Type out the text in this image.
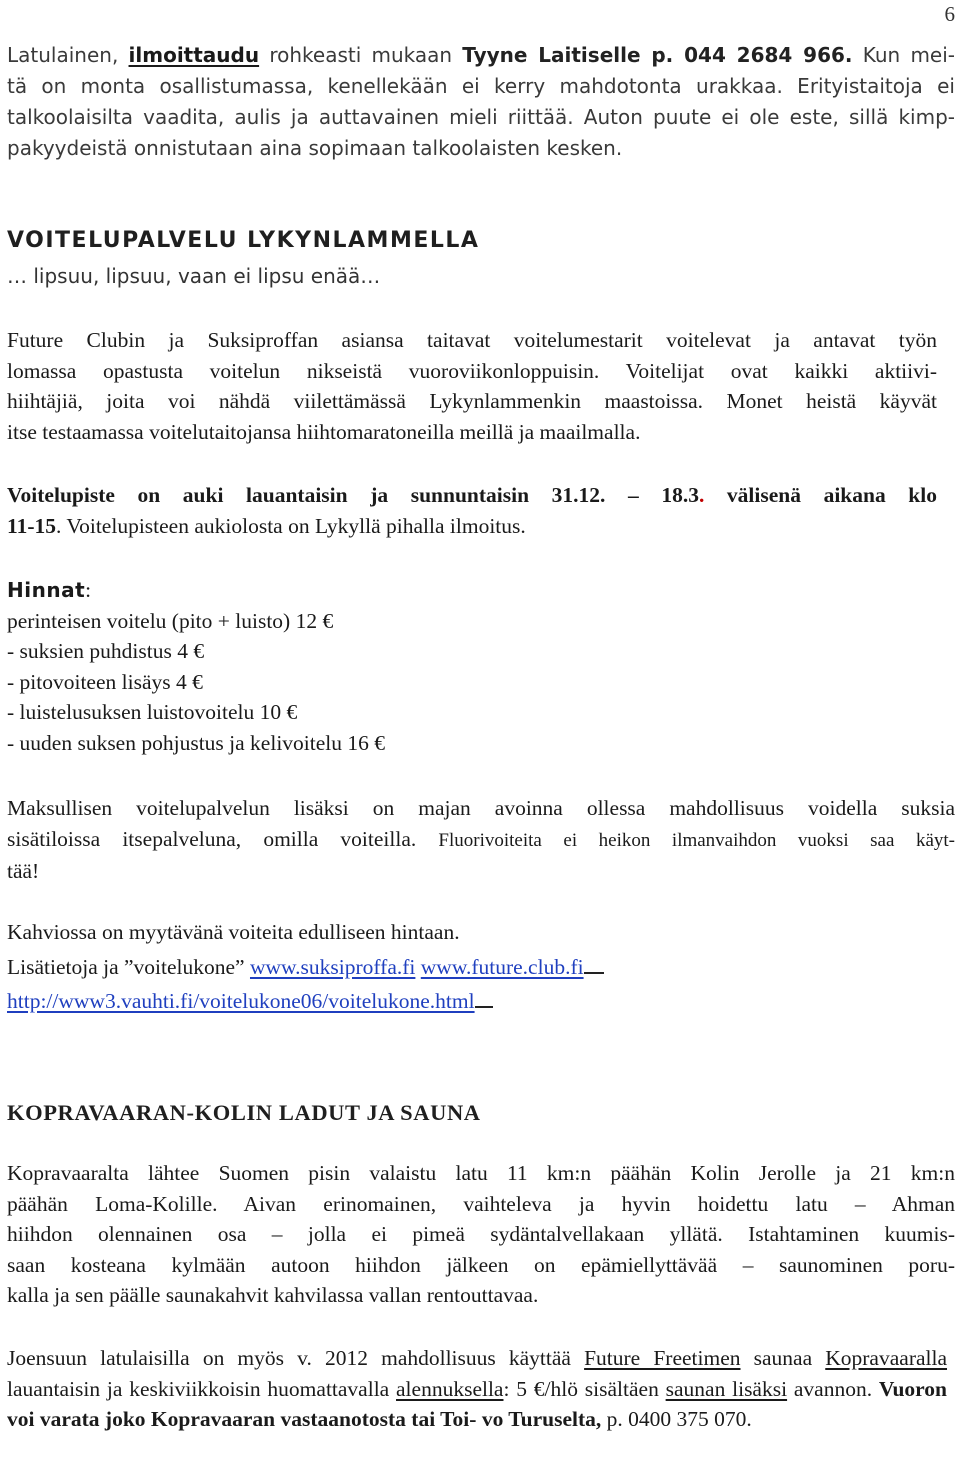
6

Latulainen, ilmoittaudu rohkeasti mukaan Tyyne Laitiselle p. 044 2684 966. Kun mei-

tä on monta osallistumassa, kenellekään ei kerry mahdotonta urakkaa. Erityistaitoja ei

talkoolaisilta vaadita, aulis ja auttavainen mieli riittää. Auton puute ei ole este, sillä kimp-

pakyydeistä onnistutaan aina sopimaan talkoolaisten kesken.

VOITELUPALVELU LYKYNLAMMELLA
… lipsuu, lipsuu, vaan ei lipsu enää…

Future Clubin ja Suksiproffan asiansa taitavat voitelumestarit voitelevat ja antavat työn

lomassa opastusta voitelun nikseistä vuoroviikonloppuisin. Voitelijat ovat kaikki aktiivi-

hiihtäjiä, joita voi nähdä viilettämässä Lykynlammenkin maastoissa. Monet heistä käyvät

itse testaamassa voitelutaitojansa hiihtomaratoneilla meillä ja maailmalla.

Voitelupiste on auki lauantaisin ja sunnuntaisin 31.12. – 18.3. välisenä aikana klo

11-15. Voitelupisteen aukiolosta on Lykyllä pihalla ilmoitus.

Hinnat:

perinteisen voitelu (pito + luisto) 12 €

- suksien puhdistus 4 €

- pitovoiteen lisäys 4 €

- luistelusuksen luistovoitelu 10 €

- uuden suksen pohjustus ja kelivoitelu 16 €

Maksullisen voitelupalvelun lisäksi on majan avoinna ollessa mahdollisuus voidella suksia

sisätiloissa itsepalveluna, omilla voiteilla. Fluorivoiteita ei heikon ilmanvaihdon vuoksi saa käyt-

tää!

Kahviossa on myytävänä voiteita edulliseen hintaan.

Lisätietoja ja ”voitelukone” www.suksiproffa.fi www.future.club.fi

http://www3.vauhti.fi/voitelukone06/voitelukone.html

KOPRAVAARAN-KOLIN LADUT JA SAUNA

Kopravaaralta lähtee Suomen pisin valaistu latu 11 km:n päähän Kolin Jerolle ja 21 km:n

päähän Loma-Kolille. Aivan erinomainen, vaihteleva ja hyvin hoidettu latu – Ahman

hiihdon olennainen osa – jolla ei pimeä sydäntalvellakaan yllätä. Istahtaminen kuumis-

saan kosteana kylmään autoon hiihdon jälkeen on epämiellyttävää – saunominen poru-

kalla ja sen päälle saunakahvit kahvilassa vallan rentouttavaa.

Joensuun latulaisilla on myös v. 2012 mahdollisuus käyttää Future Freetimen saunaa Kopravaaralla lauantaisin ja keskiviikkoisin huomattavalla alennuksella: 5 €/hlö sisältäen saunan lisäksi avannon. Vuoron voi varata joko Kopravaaran vastaanotosta tai Toi- vo Turuselta, p. 0400 375 070.
